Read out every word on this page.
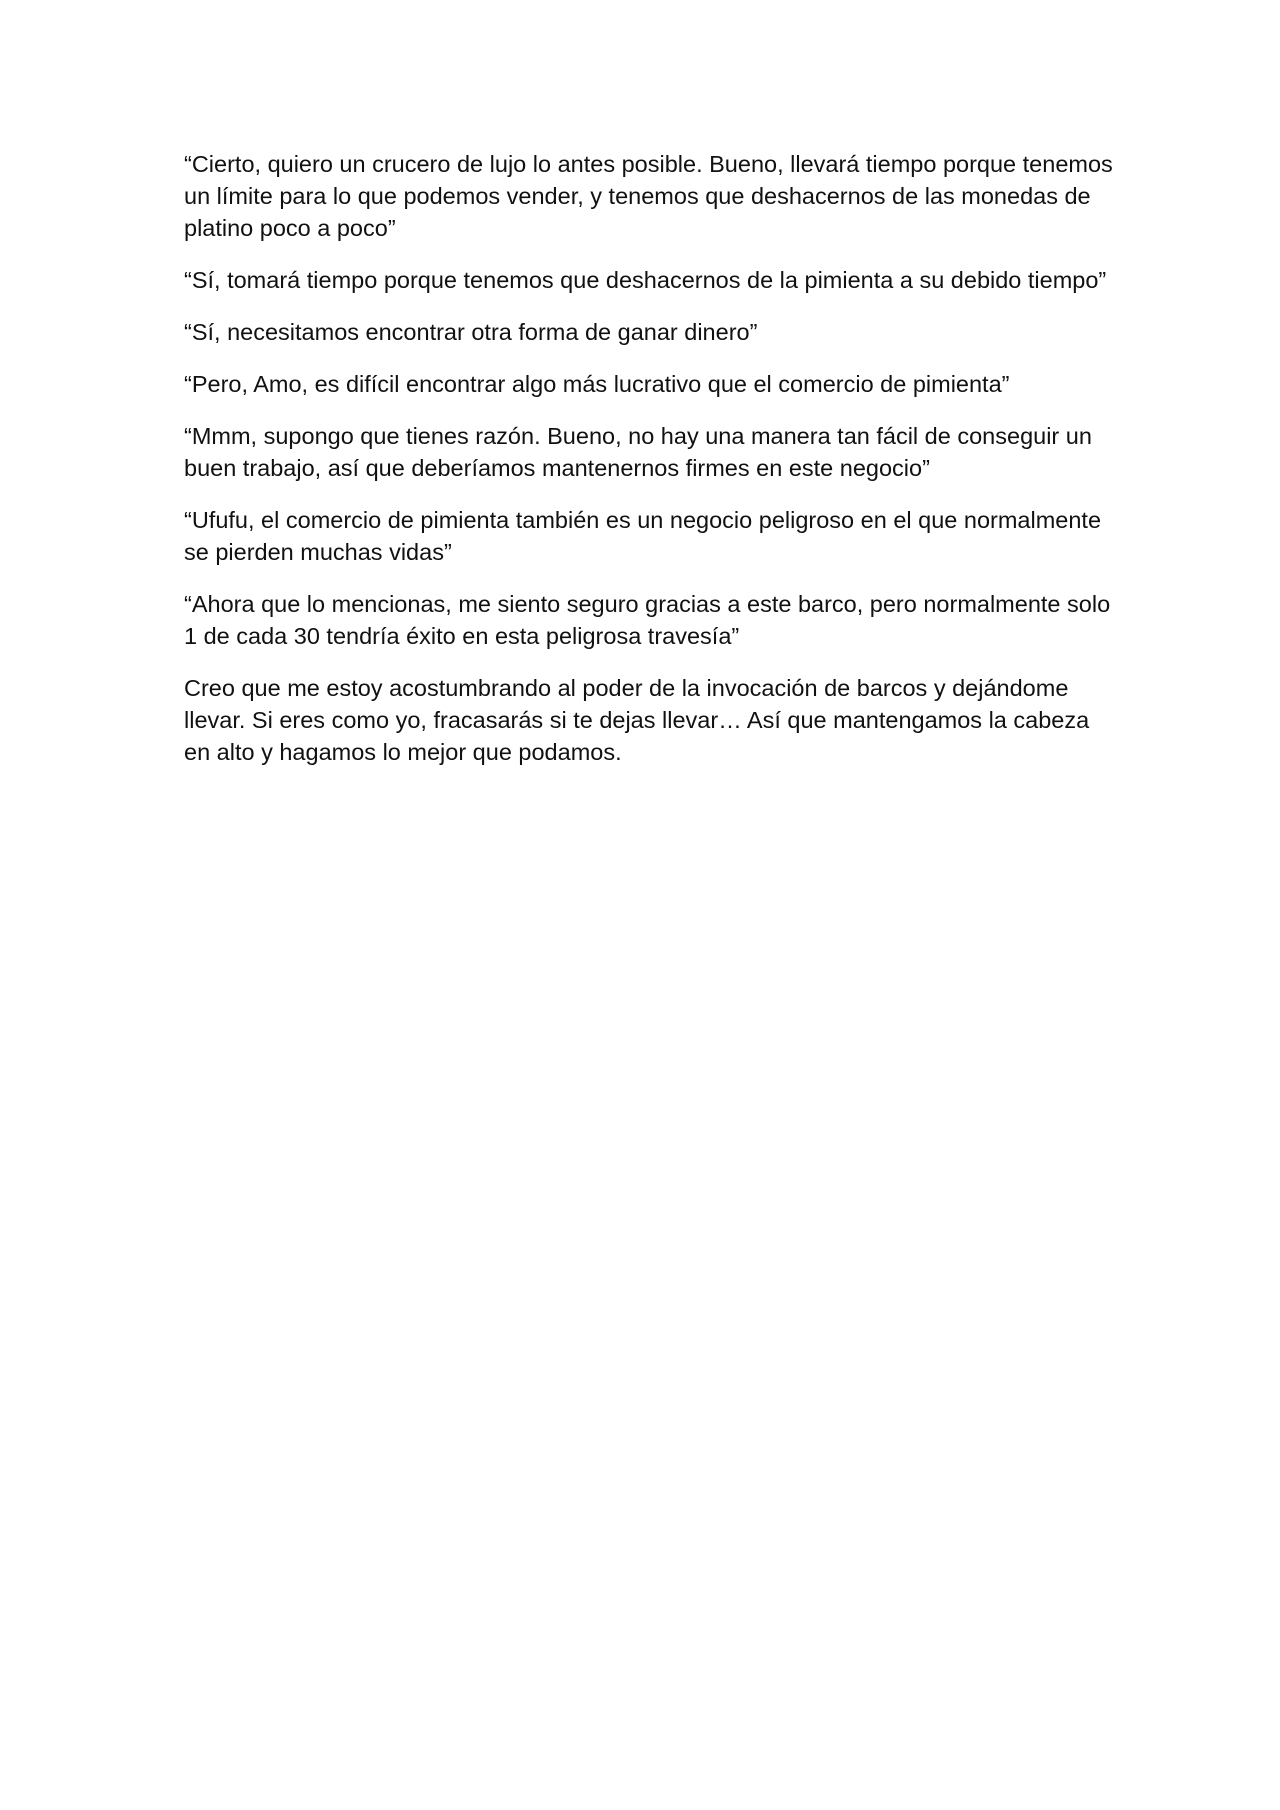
“Cierto, quiero un crucero de lujo lo antes posible. Bueno, llevará tiempo porque tenemos un límite para lo que podemos vender, y tenemos que deshacernos de las monedas de platino poco a poco”

“Sí, tomará tiempo porque tenemos que deshacernos de la pimienta a su debido tiempo”

“Sí, necesitamos encontrar otra forma de ganar dinero”

“Pero, Amo, es difícil encontrar algo más lucrativo que el comercio de pimienta”

“Mmm, supongo que tienes razón. Bueno, no hay una manera tan fácil de conseguir un buen trabajo, así que deberíamos mantenernos firmes en este negocio”

“Ufufu, el comercio de pimienta también es un negocio peligroso en el que normalmente se pierden muchas vidas”

“Ahora que lo mencionas, me siento seguro gracias a este barco, pero normalmente solo 1 de cada 30 tendría éxito en esta peligrosa travesía”

Creo que me estoy acostumbrando al poder de la invocación de barcos y dejándome llevar. Si eres como yo, fracasarás si te dejas llevar… Así que mantengamos la cabeza en alto y hagamos lo mejor que podamos.
